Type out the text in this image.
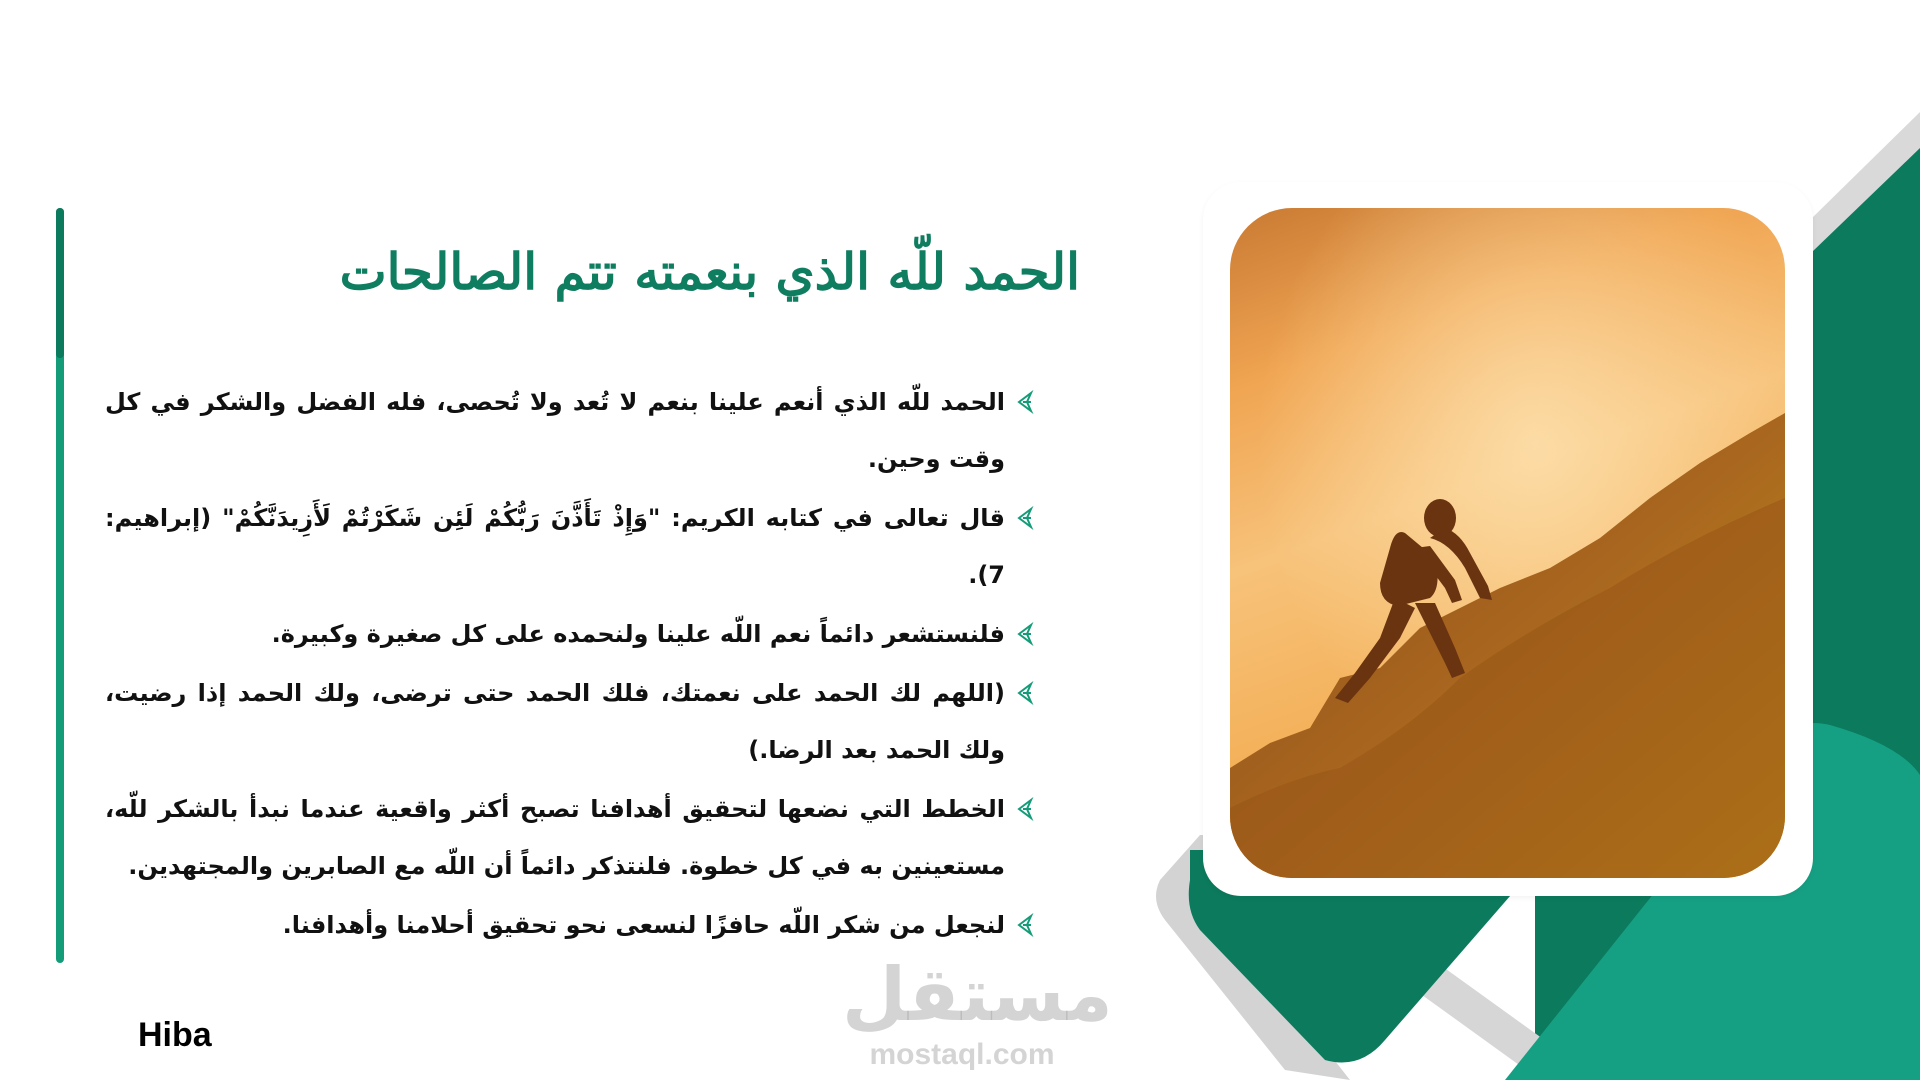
الحمد للّه الذي بنعمته تتم الصالحات
الحمد للّه الذي أنعم علينا بنعم لا تُعد ولا تُحصى، فله الفضل والشكر في كل وقت وحين.
قال تعالى في كتابه الكريم: "وَإِذْ تَأَذَّنَ رَبُّكُمْ لَئِن شَكَرْتُمْ لَأَزِيدَنَّكُمْ" (إبراهيم: 7).
فلنستشعر دائماً نعم اللّه علينا ولنحمده على كل صغيرة وكبيرة.
(اللهم لك الحمد على نعمتك، فلك الحمد حتى ترضى، ولك الحمد إذا رضيت، ولك الحمد بعد الرضا.)
الخطط التي نضعها لتحقيق أهدافنا تصبح أكثر واقعية عندما نبدأ بالشكر للّه، مستعينين به في كل خطوة. فلنتذكر دائماً أن اللّه مع الصابرين والمجتهدين.
لنجعل من شكر اللّه حافزًا لنسعى نحو تحقيق أحلامنا وأهدافنا.
Hiba	مستقل
mostaql.com
